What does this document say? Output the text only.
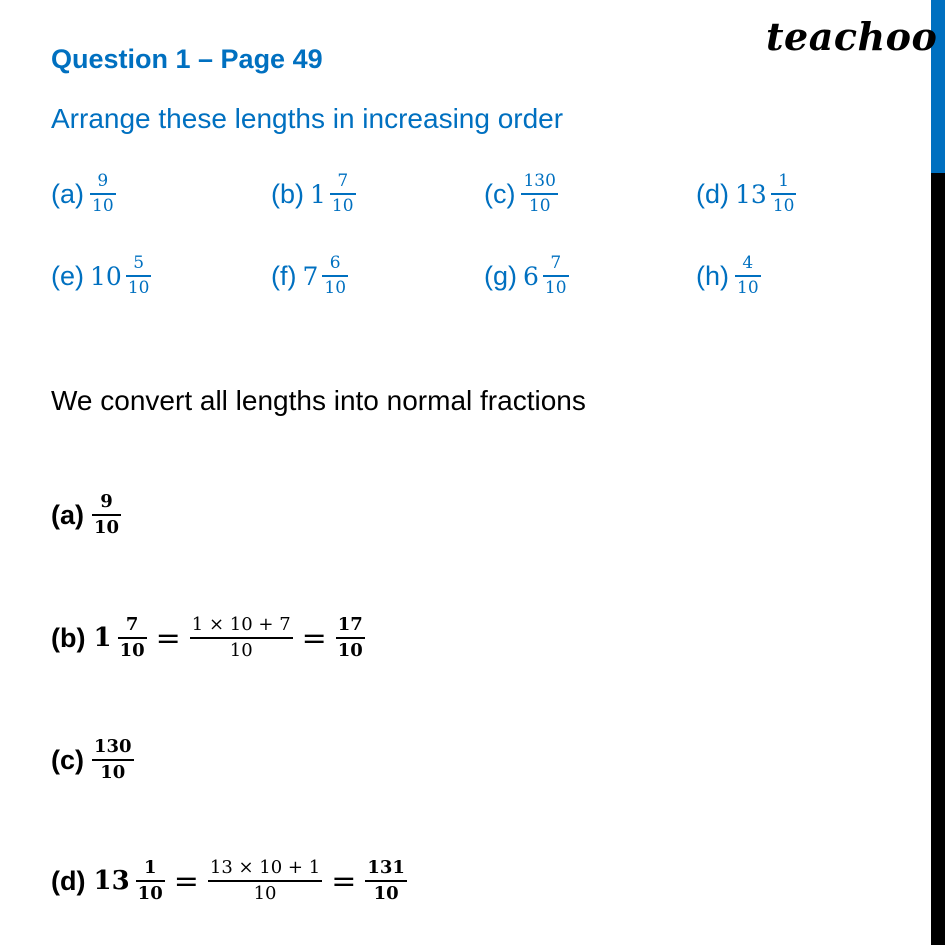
teachoo
Question 1 – Page 49
Arrange these lengths in increasing order
$(a) \frac{9}{10}$	(b) $1 \frac{7}{10}$	$(c) \frac{130}{10}$	(d) $13 \frac{1}{10}$
(e) $10 \frac{5}{10}$	(f) $7 \frac{6}{10}$	(g) $6 \frac{7}{10}$	$(h) \frac{4}{10}$
We convert all lengths into normal fractions
$(a) \frac{9}{10}$
(b) $1 \frac{7}{10} = \frac{1 \times 10 + 7}{10} = \frac{17}{10}$
$(c) \frac{130}{10}$
(d) $13 \frac{1}{10} = \frac{13 \times 10 + 1}{10} = \frac{131}{10}$
